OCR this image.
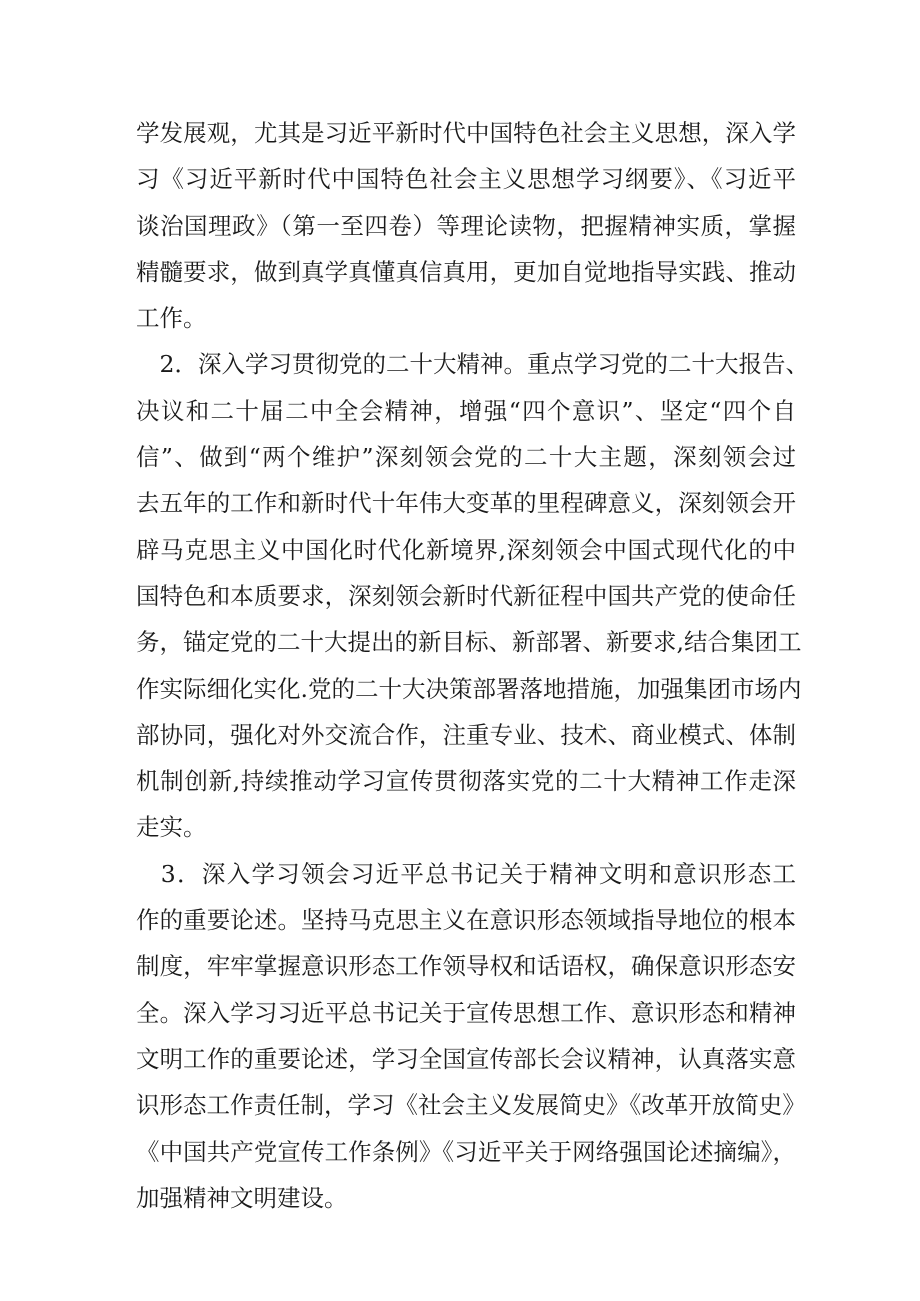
学发展观，尤其是习近平新时代中国特色社会主义思想，深入学
习《习近平新时代中国特色社会主义思想学习纲要》、《习近平
谈治国理政》（第一至四卷）等理论读物，把握精神实质，掌握
精髓要求，做到真学真懂真信真用，更加自觉地指导实践、推动
工作。
　2．深入学习贯彻党的二十大精神。重点学习党的二十大报告、
决议和二十届二中全会精神，增强“四个意识”、坚定“四个自
信”、做到“两个维护”深刻领会党的二十大主题，深刻领会过
去五年的工作和新时代十年伟大变革的里程碑意义，深刻领会开
辟马克思主义中国化时代化新境界,深刻领会中国式现代化的中
国特色和本质要求，深刻领会新时代新征程中国共产党的使命任
务，锚定党的二十大提出的新目标、新部署、新要求,结合集团工
作实际细化实化.党的二十大决策部署落地措施，加强集团市场内
部协同，强化对外交流合作，注重专业、技术、商业模式、体制
机制创新,持续推动学习宣传贯彻落实党的二十大精神工作走深
走实。
　3．深入学习领会习近平总书记关于精神文明和意识形态工
作的重要论述。坚持马克思主义在意识形态领域指导地位的根本
制度，牢牢掌握意识形态工作领导权和话语权，确保意识形态安
全。深入学习习近平总书记关于宣传思想工作、意识形态和精神
文明工作的重要论述，学习全国宣传部长会议精神，认真落实意
识形态工作责任制，学习《社会主义发展简史》《改革开放简史》
《中国共产党宣传工作条例》《习近平关于网络强国论述摘编》，
加强精神文明建设。
